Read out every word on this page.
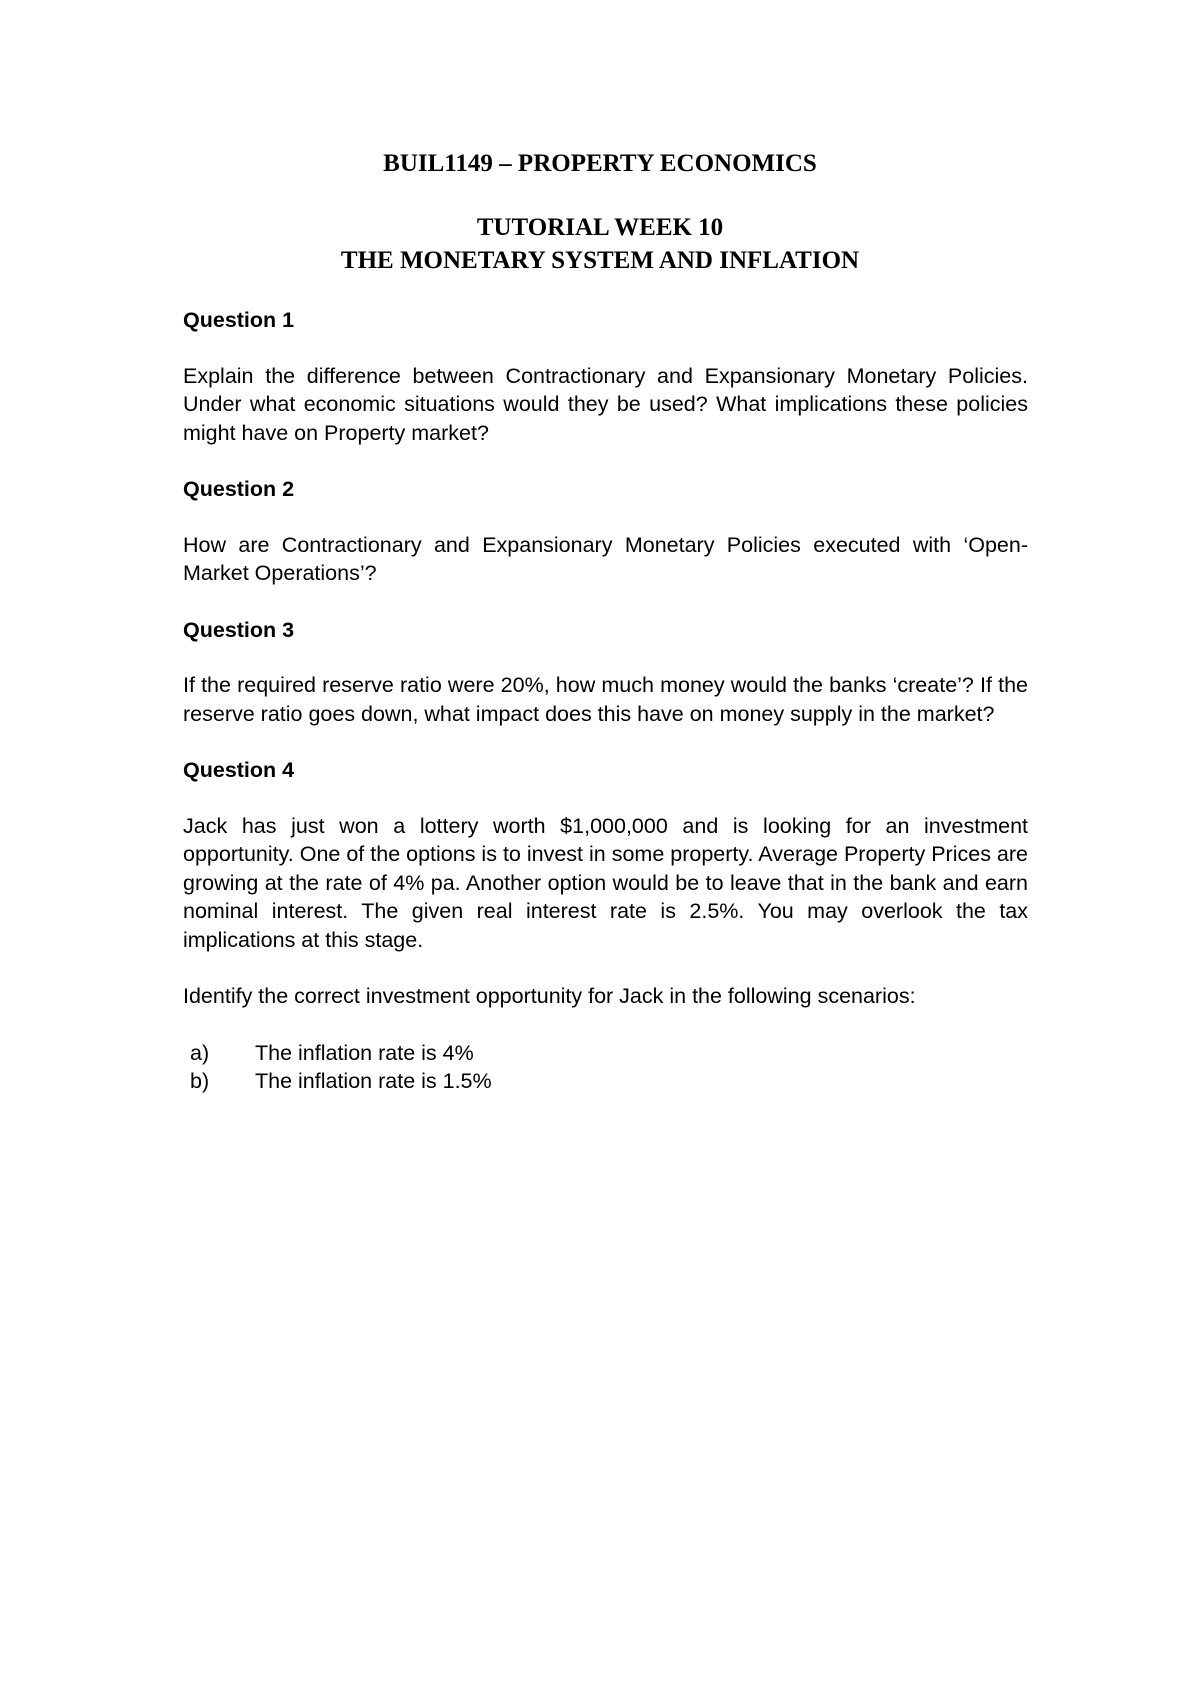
BUIL1149 – PROPERTY ECONOMICS
TUTORIAL WEEK 10
THE MONETARY SYSTEM AND INFLATION

Question 1

Explain the difference between Contractionary and Expansionary Monetary Policies. Under what economic situations would they be used? What implications these policies might have on Property market?

Question 2

How are Contractionary and Expansionary Monetary Policies executed with ‘Open-Market Operations’?

Question 3

If the required reserve ratio were 20%, how much money would the banks ‘create’? If the reserve ratio goes down, what impact does this have on money supply in the market?

Question 4

Jack has just won a lottery worth $1,000,000 and is looking for an investment opportunity. One of the options is to invest in some property. Average Property Prices are growing at the rate of 4% pa. Another option would be to leave that in the bank and earn nominal interest. The given real interest rate is 2.5%. You may overlook the tax implications at this stage.

Identify the correct investment opportunity for Jack in the following scenarios:

a)	The inflation rate is 4%
b)	The inflation rate is 1.5%
